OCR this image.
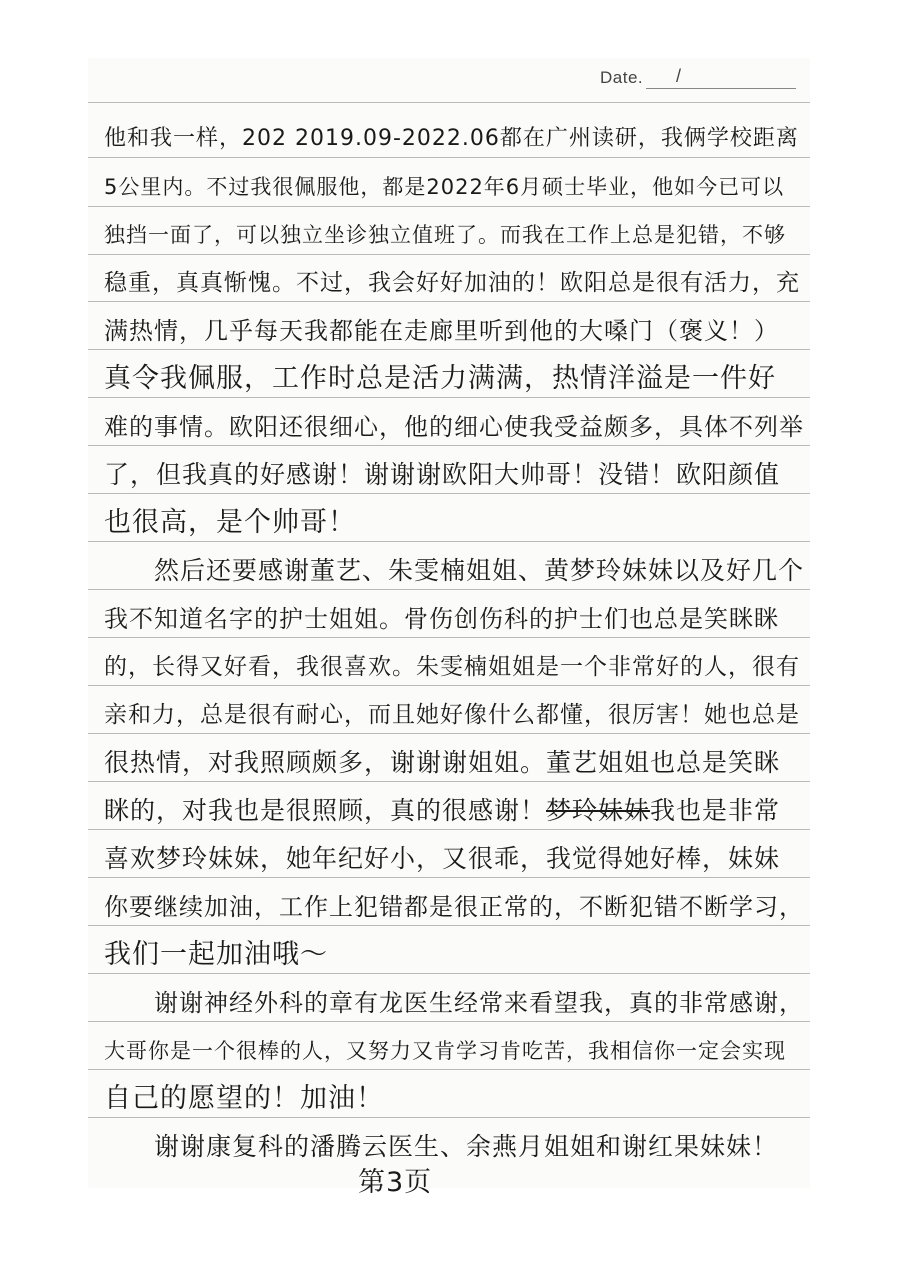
Date. /
他和我一样，202 2019.09-2022.06都在广州读研，我俩学校距离
5公里内。不过我很佩服他，都是2022年6月硕士毕业，他如今已可以
独挡一面了，可以独立坐诊独立值班了。而我在工作上总是犯错，不够
稳重，真真惭愧。不过，我会好好加油的！欧阳总是很有活力，充
满热情，几乎每天我都能在走廊里听到他的大嗓门（褒义！）
真令我佩服，工作时总是活力满满，热情洋溢是一件好
难的事情。欧阳还很细心，他的细心使我受益颇多，具体不列举
了，但我真的好感谢！谢谢谢欧阳大帅哥！没错！欧阳颜值
也很高，是个帅哥！
然后还要感谢董艺、朱雯楠姐姐、黄梦玲妹妹以及好几个
我不知道名字的护士姐姐。骨伤创伤科的护士们也总是笑眯眯
的，长得又好看，我很喜欢。朱雯楠姐姐是一个非常好的人，很有
亲和力，总是很有耐心，而且她好像什么都懂，很厉害！她也总是
很热情，对我照顾颇多，谢谢谢姐姐。董艺姐姐也总是笑眯
眯的，对我也是很照顾，真的很感谢！梦玲妹妹我也是非常
喜欢梦玲妹妹，她年纪好小，又很乖，我觉得她好棒，妹妹
你要继续加油，工作上犯错都是很正常的，不断犯错不断学习，
我们一起加油哦～
谢谢神经外科的章有龙医生经常来看望我，真的非常感谢，
大哥你是一个很棒的人，又努力又肯学习肯吃苦，我相信你一定会实现
自己的愿望的！加油！
谢谢康复科的潘腾云医生、余燕月姐姐和谢红果妹妹！
第3页
